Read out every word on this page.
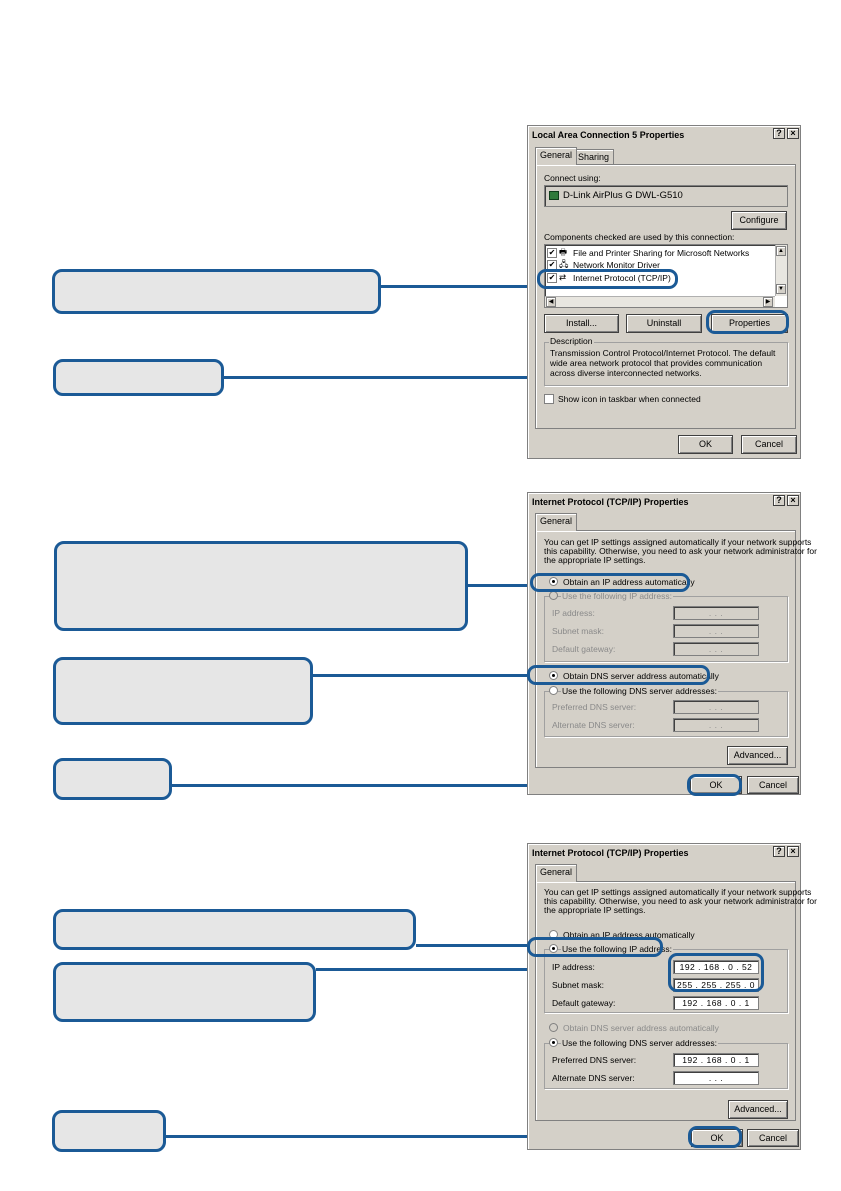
Local Area Connection 5 Properties	? ×
General Sharing
Connect using:
D-Link AirPlus G DWL-G510
Configure
Components checked are used by this connection:
✔ 🖶 File and Printer Sharing for Microsoft Networks
✔ 🖧 Network Monitor Driver
✔ ⇄ Internet Protocol (TCP/IP)
▲
▼
◀	▶
Install...	Uninstall	Properties
Description
Transmission Control Protocol/Internet Protocol. The default
wide area network protocol that provides communication
across diverse interconnected networks.
Show icon in taskbar when connected
OK	Cancel
Internet Protocol (TCP/IP) Properties	? ×
General
You can get IP settings assigned automatically if your network supports
this capability. Otherwise, you need to ask your network administrator for
the appropriate IP settings.
Obtain an IP address automatically
Use the following IP address:
IP address:	. . .
Subnet mask:	. . .
Default gateway:	. . .
Obtain DNS server address automatically
Use the following DNS server addresses:
Preferred DNS server:	. . .
Alternate DNS server:	. . .
Advanced...
OK	Cancel
Internet Protocol (TCP/IP) Properties	? ×
General
You can get IP settings assigned automatically if your network supports
this capability. Otherwise, you need to ask your network administrator for
the appropriate IP settings.
Obtain an IP address automatically
Use the following IP address:
IP address:	192 . 168 . 0 . 52
Subnet mask:	255 . 255 . 255 . 0
Default gateway:	192 . 168 . 0 . 1
Obtain DNS server address automatically
Use the following DNS server addresses:
Preferred DNS server:	192 . 168 . 0 . 1
Alternate DNS server:	. . .
Advanced...
OK	Cancel
